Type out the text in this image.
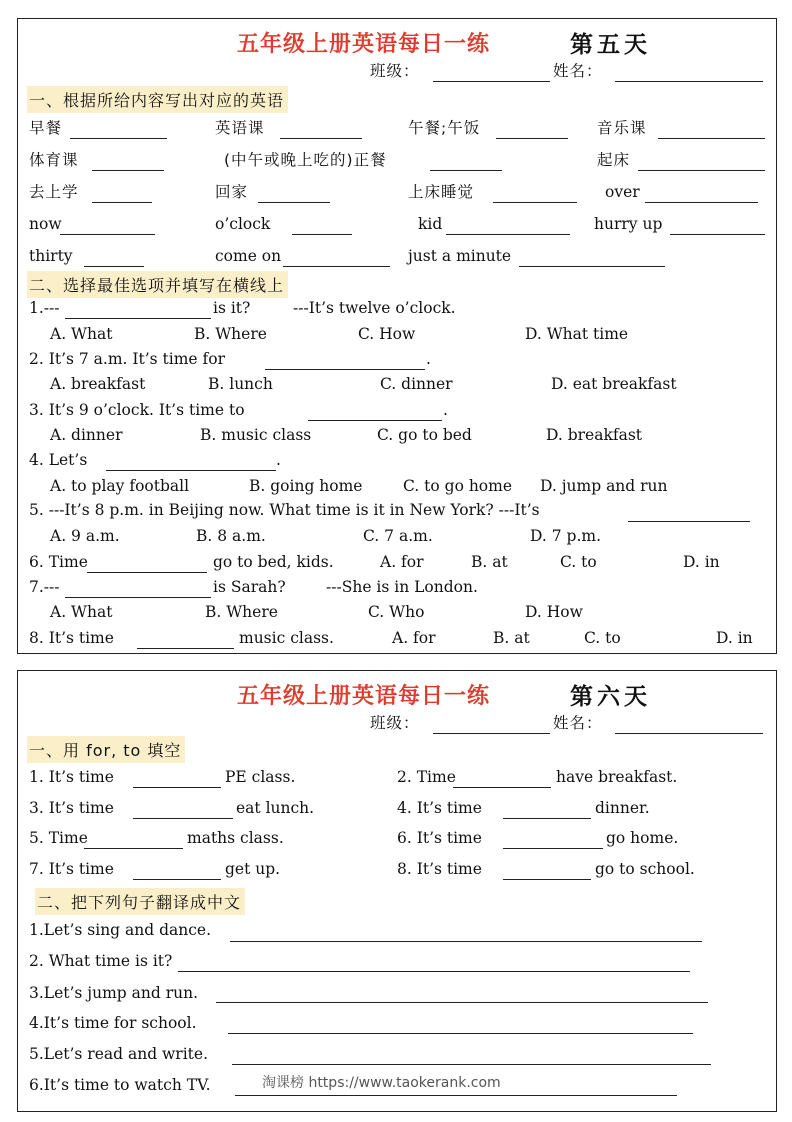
五年级上册英语每日一练	第五天
班级：	姓名：
一、根据所给内容写出对应的英语
早餐	英语课	午餐;午饭	音乐课
体育课	(中午或晚上吃的)正餐	起床
去上学	回家	上床睡觉	over
now	o’clock	kid	hurry up
thirty	come on	just a minute
二、选择最佳选项并填写在横线上
1.---	is it?	---It’s twelve o’clock.
A. What	B. Where	C. How	D. What time
2. It’s 7 a.m. It’s time for	.
A. breakfast	B. lunch	C. dinner	D. eat breakfast
3. It’s 9 o’clock. It’s time to	.
A. dinner	B. music class	C. go to bed	D. breakfast
4. Let’s	.
A. to play football	B. going home	C. to go home D. jump and run
5. ---It’s 8 p.m. in Beijing now. What time is it in New York? ---It’s
A. 9 a.m.	B. 8 a.m.	C. 7 a.m.	D. 7 p.m.
6. Time	go to bed, kids.	A. for	B. at	C. to	D. in
7.---	is Sarah?	---She is in London.
A. What	B. Where	C. Who	D. How
8. It’s time	music class.	A. for	B. at	C. to	D. in
五年级上册英语每日一练	第六天
班级：	姓名：
一、用 for, to 填空
1. It’s time	PE class.	2. Time	have breakfast.
3. It’s time	eat lunch.	4. It’s time	dinner.
5. Time	maths class.	6. It’s time	go home.
7. It’s time	get up.	8. It’s time	go to school.
二、把下列句子翻译成中文
1.Let’s sing and dance.
2. What time is it?
3.Let’s jump and run.
4.It’s time for school.
5.Let’s read and write.
6.It’s time to watch TV.	淘课榜 https://www.taokerank.com
